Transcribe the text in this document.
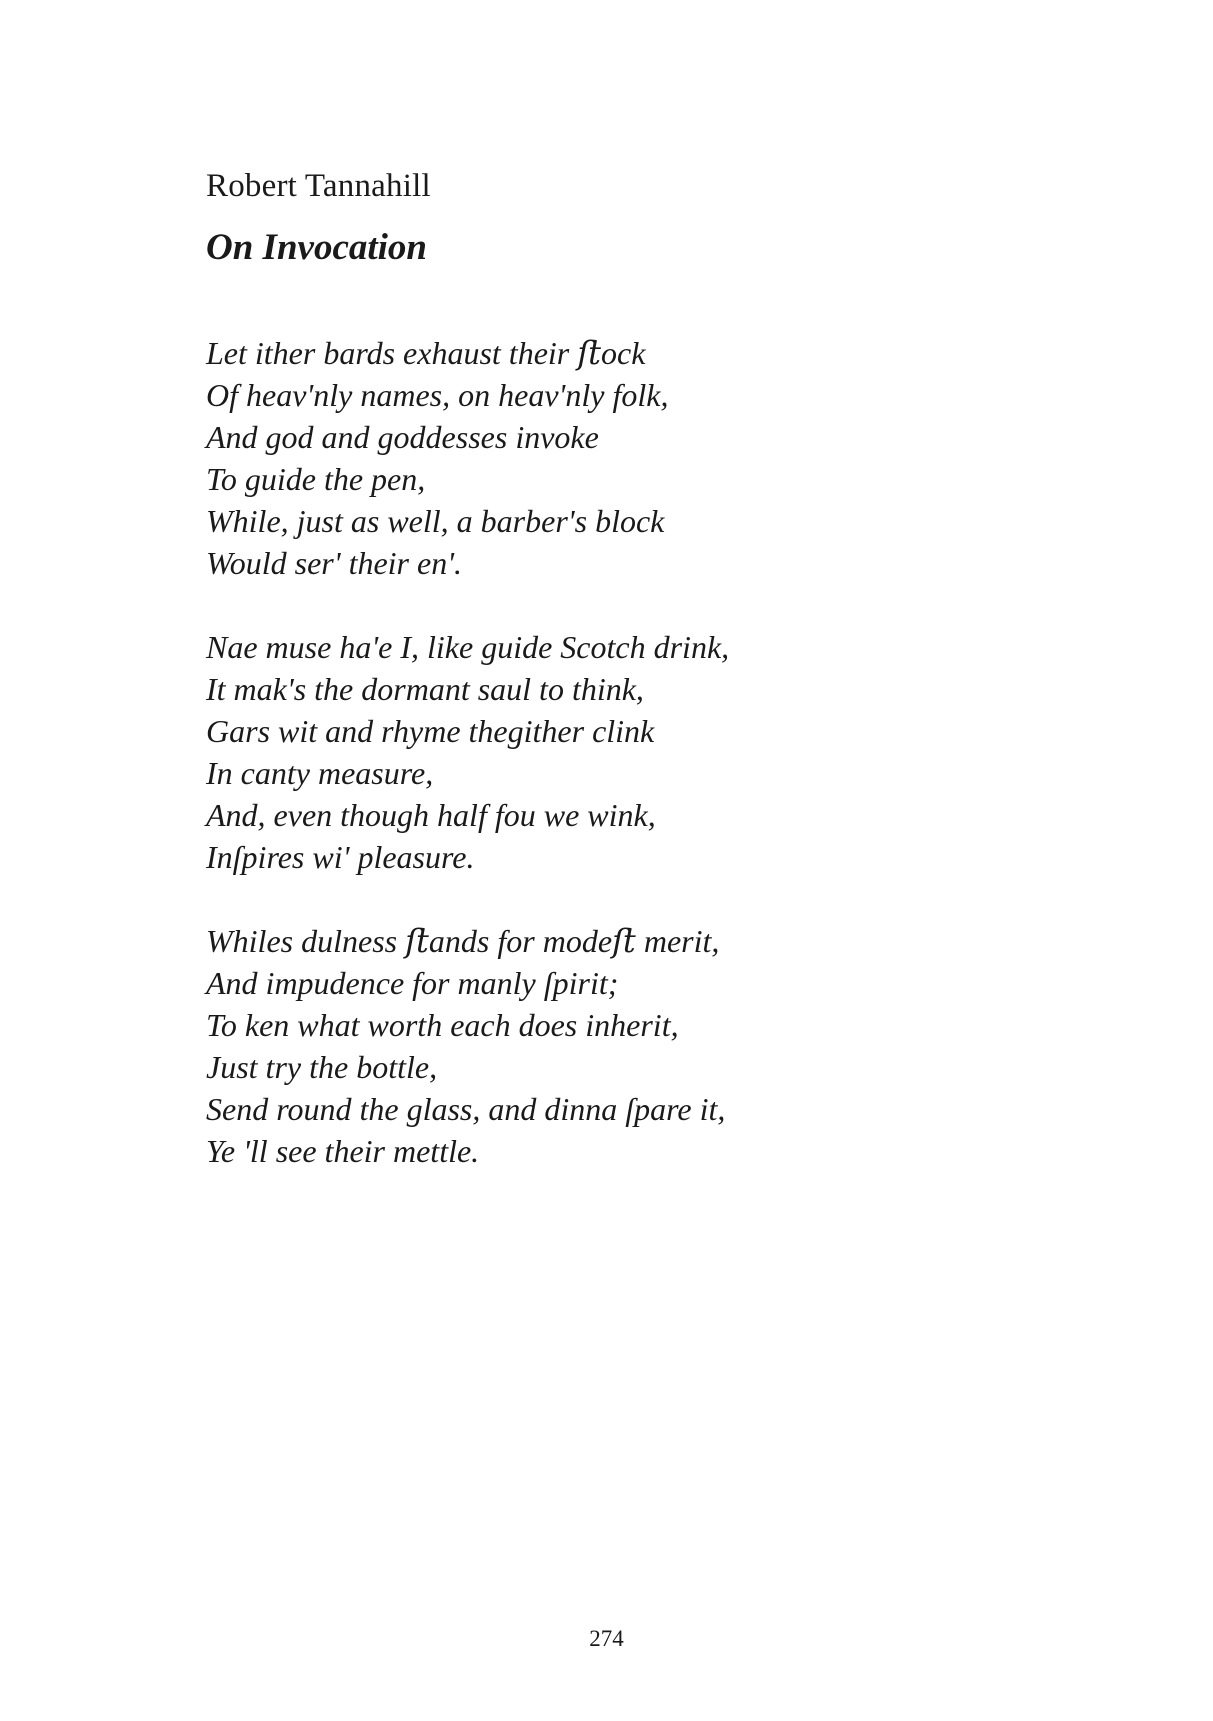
Robert Tannahill
On Invocation
Let ither bards exhaust their ﬅock
Of heav'nly names, on heav'nly folk,
And god and goddesses invoke
To guide the pen,
While, just as well, a barber's block
Would ser' their en'.
Nae muse ha'e I, like guide Scotch drink,
It mak's the dormant saul to think,
Gars wit and rhyme thegither clink
In canty measure,
And, even though half fou we wink,
Inſpires wi' pleasure.
Whiles dulness ﬅands for modeﬅ merit,
And impudence for manly ſpirit;
To ken what worth each does inherit,
Just try the bottle,
Send round the glass, and dinna ſpare it,
Ye 'll see their mettle.
274
